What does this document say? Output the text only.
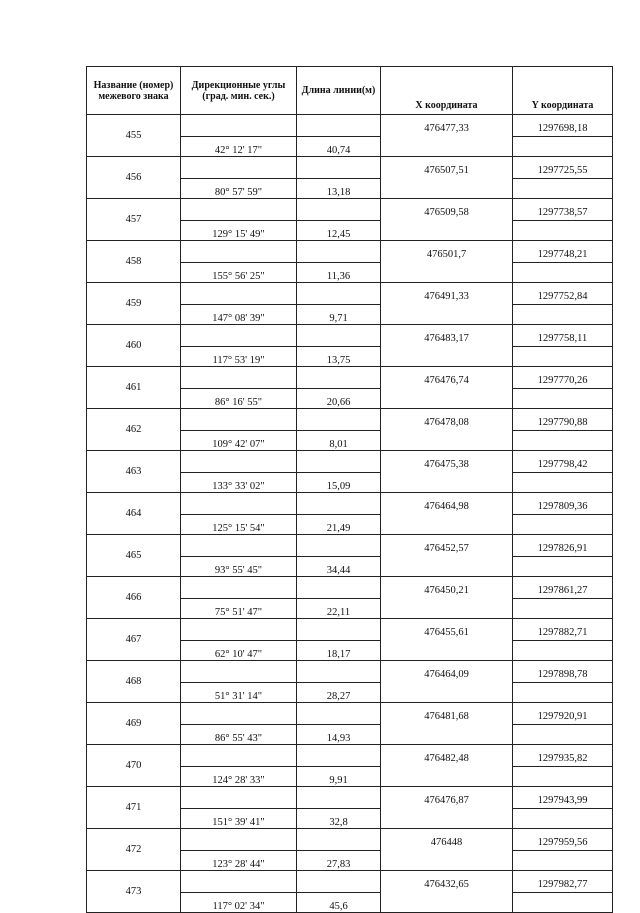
Название (номер) межевого знака	Дирекционные углы (град. мин. сек.)	Длина линии(м)	X координата	Y координата
455			476477,33	1297698,18
	42° 12' 17"	40,74		
456			476507,51	1297725,55
	80° 57' 59"	13,18		
457			476509,58	1297738,57
	129° 15' 49"	12,45		
458			476501,7	1297748,21
	155° 56' 25"	11,36		
459			476491,33	1297752,84
	147° 08' 39"	9,71		
460			476483,17	1297758,11
	117° 53' 19"	13,75		
461			476476,74	1297770,26
	86° 16' 55"	20,66		
462			476478,08	1297790,88
	109° 42' 07"	8,01		
463			476475,38	1297798,42
	133° 33' 02"	15,09		
464			476464,98	1297809,36
	125° 15' 54"	21,49		
465			476452,57	1297826,91
	93° 55' 45"	34,44		
466			476450,21	1297861,27
	75° 51' 47"	22,11		
467			476455,61	1297882,71
	62° 10' 47"	18,17		
468			476464,09	1297898,78
	51° 31' 14"	28,27		
469			476481,68	1297920,91
	86° 55' 43"	14,93		
470			476482,48	1297935,82
	124° 28' 33"	9,91		
471			476476,87	1297943,99
	151° 39' 41"	32,8		
472			476448	1297959,56
	123° 28' 44"	27,83		
473			476432,65	1297982,77
	117° 02' 34"	45,6		
